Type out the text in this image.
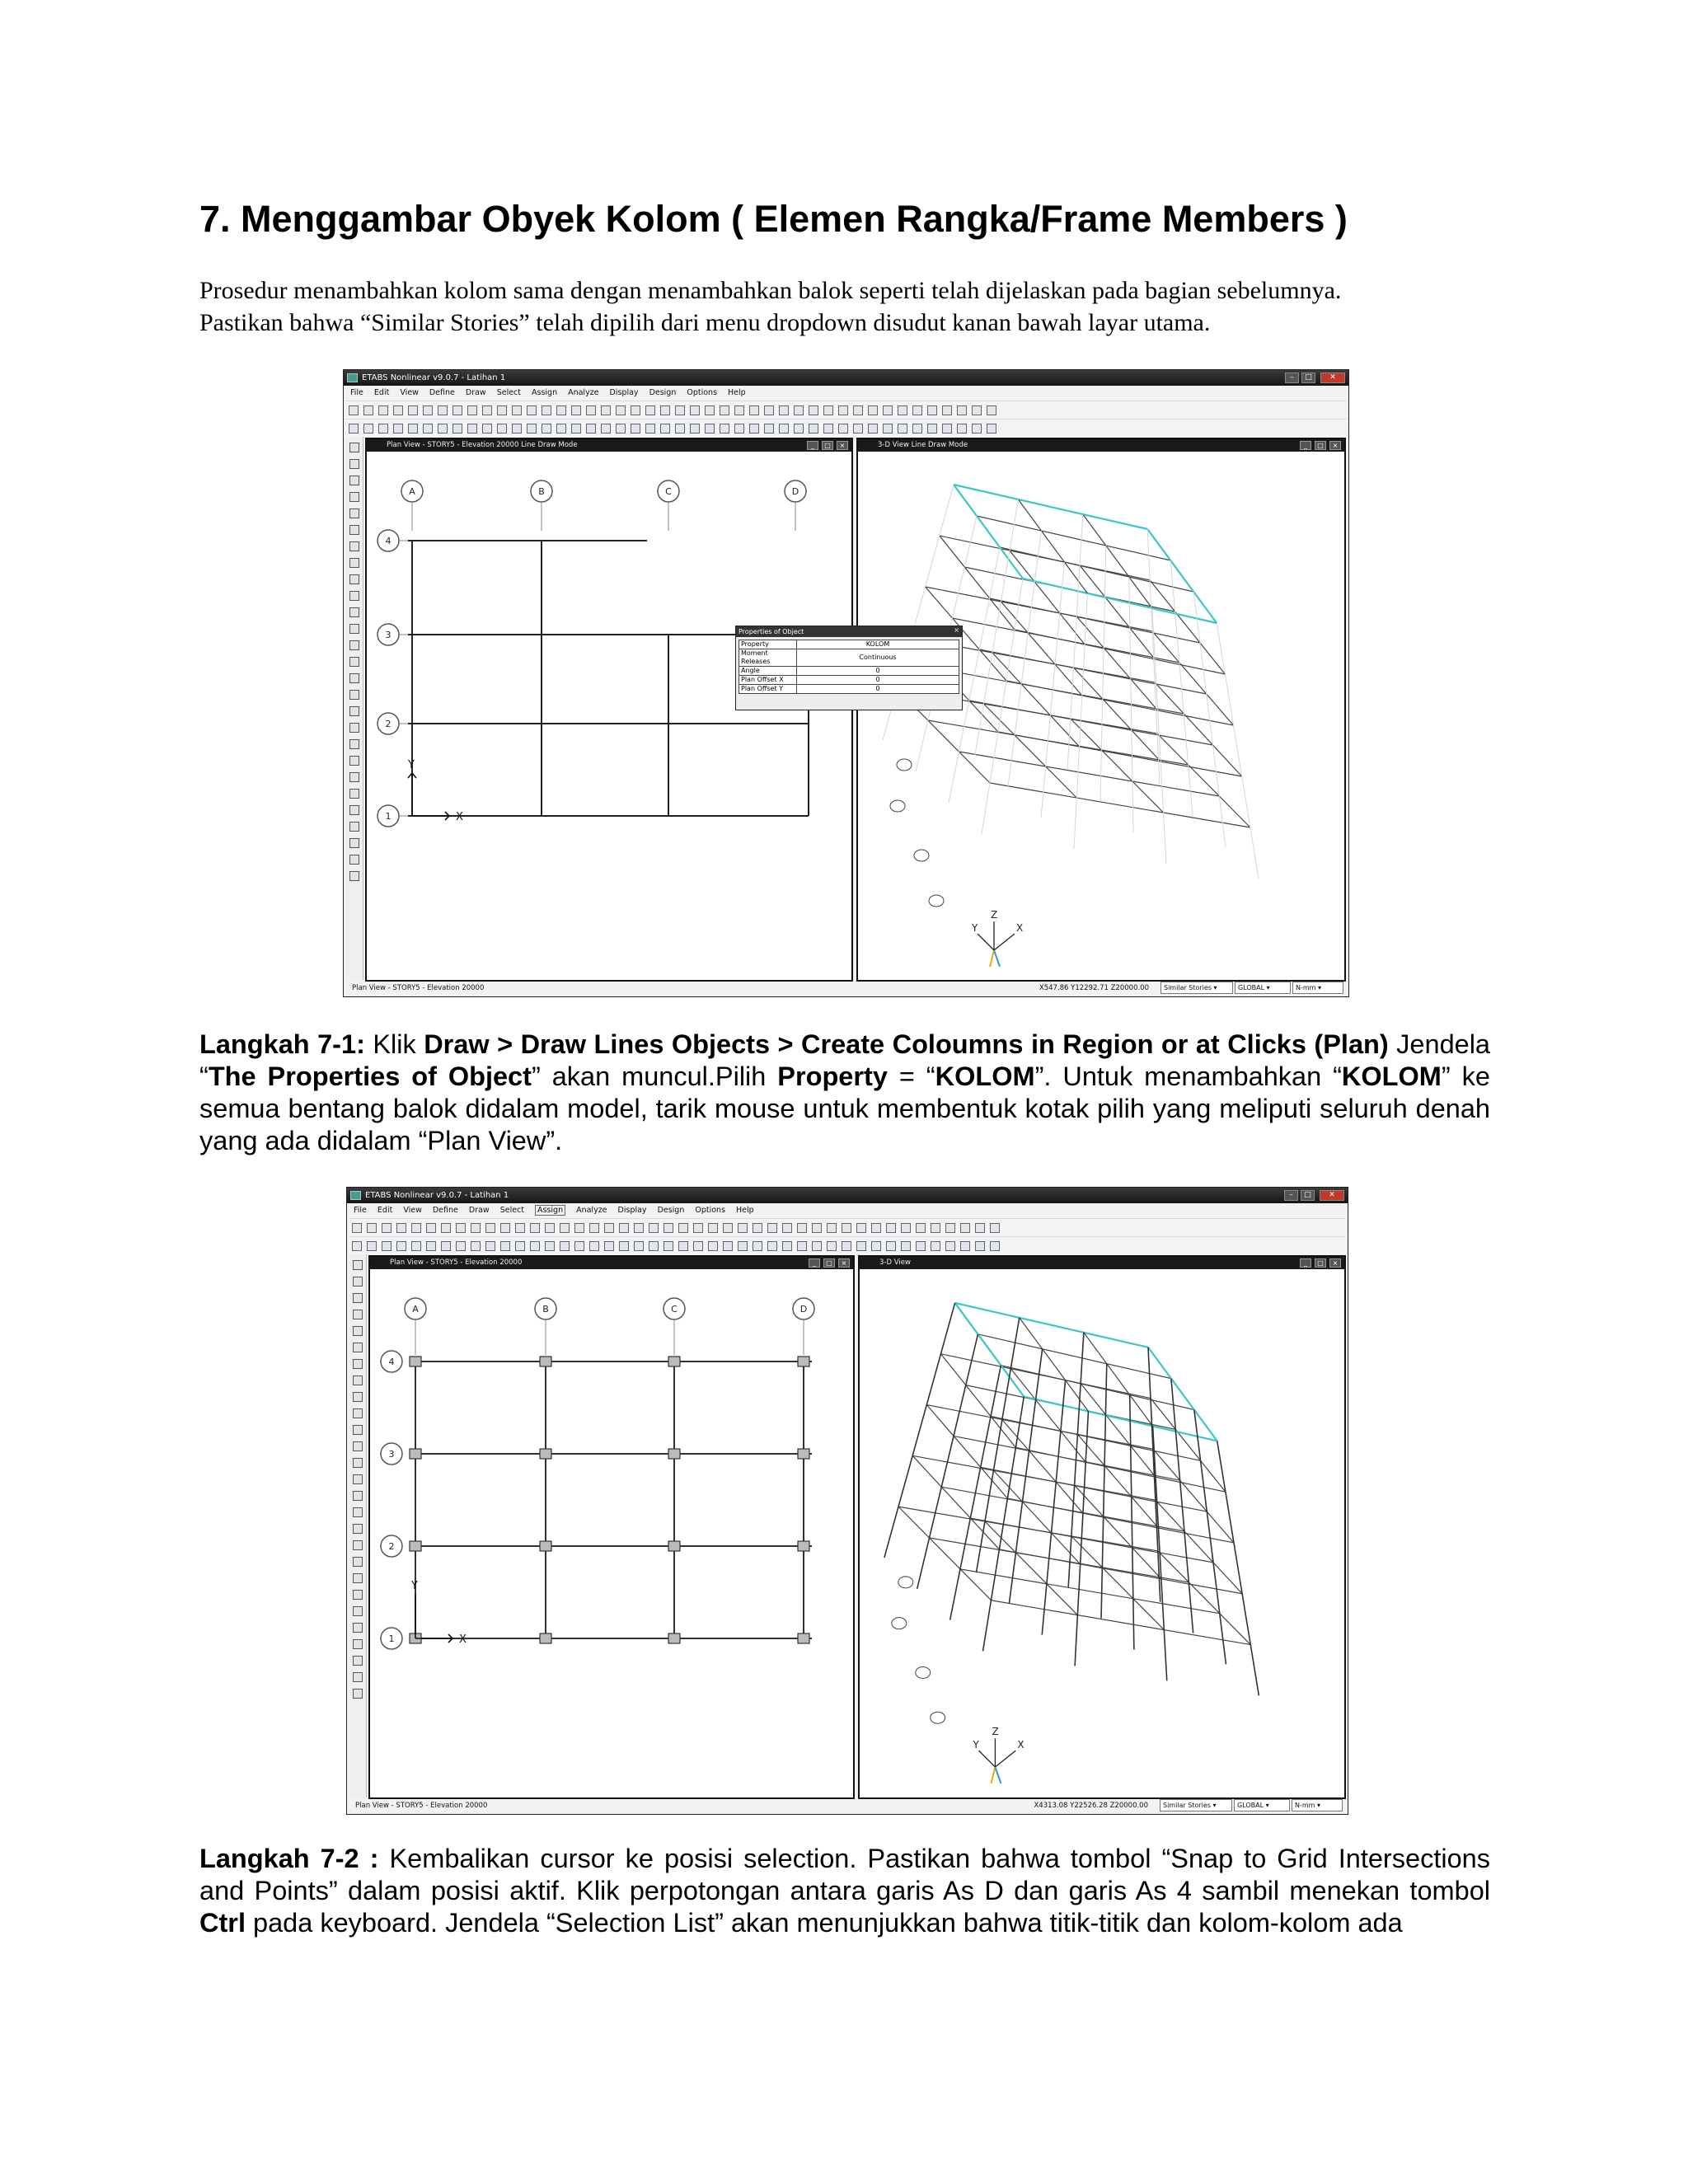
7. Menggambar Obyek Kolom ( Elemen Rangka/Frame Members )
Prosedur menambahkan kolom sama dengan menambahkan balok seperti telah dijelaskan pada bagian sebelumnya.
Pastikan bahwa “Similar Stories” telah dipilih dari menu dropdown disudut kanan bawah layar utama.
ETABS Nonlinear v9.0.7 - Latihan 1	–	□	✕
File Edit View Define Draw Select Assign Analyze Display Design Options Help
Plan View - STORY5 - Elevation 20000 Line Draw Mode	_	□	×
A	B	C	D
4
3
2
1	X
Y
3-D View Line Draw Mode	_	□	×
Z
Y	X
Properties of Object	×
Property	KOLOM
Moment Releases	Continuous
Angle	0
Plan Offset X	0
Plan Offset Y	0
Plan View - STORY5 - Elevation 20000	X547.86 Y12292.71 Z20000.00	Similar Stories ▾	GLOBAL ▾	N-mm ▾
Langkah 7-1: Klik Draw > Draw Lines Objects > Create Coloumns in Region or at Clicks (Plan) Jendela “The Properties of Object” akan muncul.Pilih Property = “KOLOM”. Untuk menambahkan “KOLOM” ke semua bentang balok didalam model, tarik mouse untuk membentuk kotak pilih yang meliputi seluruh denah yang ada didalam “Plan View”.
ETABS Nonlinear v9.0.7 - Latihan 1	–	□	✕
File Edit View Define Draw Select Assign Analyze Display Design Options Help
Plan View - STORY5 - Elevation 20000	_	□	×
A	B	C	D
4
3
2
1	X
Y
3-D View	_	□	×
Z
Y	X
Plan View - STORY5 - Elevation 20000	X4313.08 Y22526.28 Z20000.00	Similar Stories ▾	GLOBAL ▾	N-mm ▾
Langkah 7-2 : Kembalikan cursor ke posisi selection. Pastikan bahwa tombol “Snap to Grid Intersections and Points” dalam posisi aktif. Klik perpotongan antara garis As D dan garis As 4 sambil menekan tombol Ctrl pada keyboard. Jendela “Selection List” akan menunjukkan bahwa titik-titik dan kolom-kolom ada
